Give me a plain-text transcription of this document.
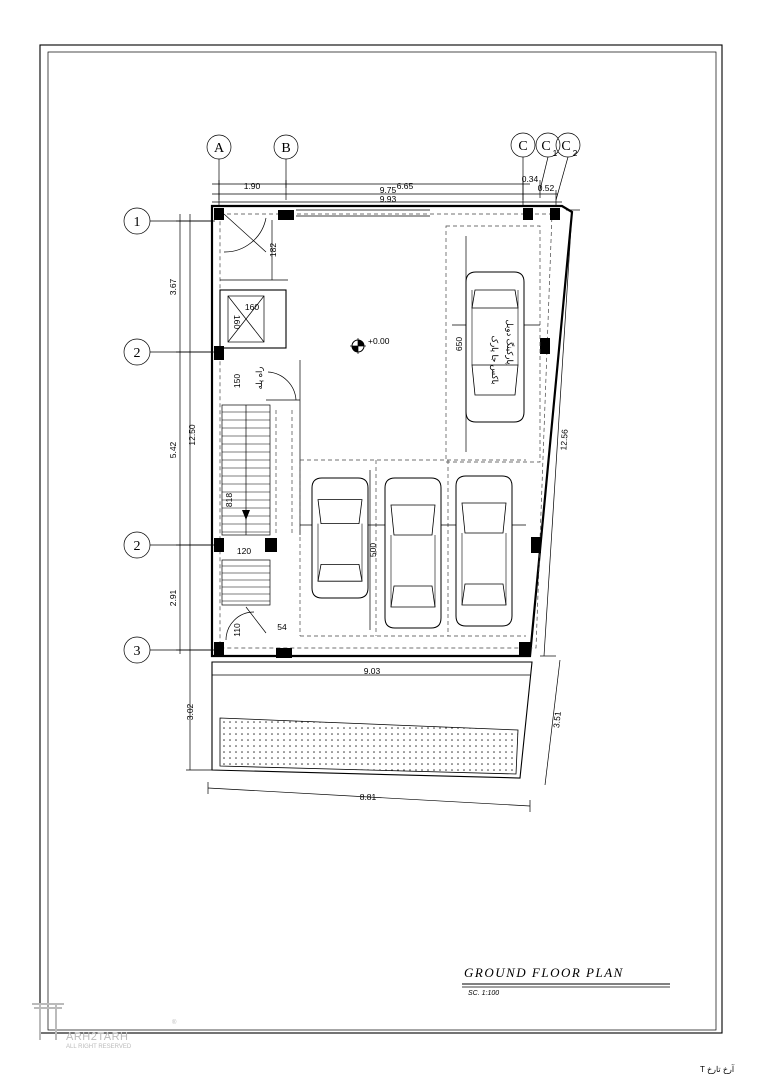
A	B	C C 1 C 2
1
2
2
3
1.90	6.65
0.34
9.75	0.52
9.93
3.67
5.42
2.91
12.50
3.02
12.56
3.51
9.03
8.81
182
160
160
150
818
120
110	54
راه پله
+0.00	650
500
پارکینگ دوبل
باکس جا پارک
GROUND FLOOR PLAN
SC. 1:100
ARH2TARH
®
ALL RIGHT RESERVED
T آرخ تارخ
